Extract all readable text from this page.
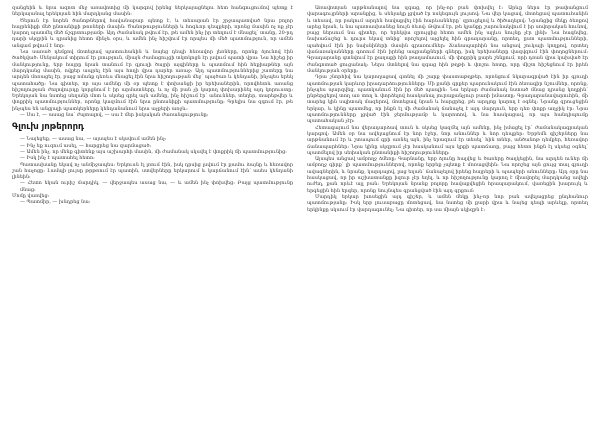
զանցեին և նրա ազոտ մեջ առավոտից մի կարգով իրենց ներկայացնելու հետ հանգուցումով պետք է ներկայանալ երեկոյան հին մարդկանց մասին:

Ծերուն էր նորեն ծանոթներով հավանաբար պետք է, և տեսարան էր շրջապատված նրա բոլոր հայրենիքի մեծ ընտանիքի թոռների մասին: Ծանոթությունների և հոգևոր դեպքերի, որոնց մասին ոչ ոք չէր կարող պատմել մեծ ճշգրտությամբ: Այդ ժամանակ թվում էր, թե ամեն ինչ իր տեղում է մնացել՝ տանը, 20-րդ դարի սկզբին և դրանից հետո մինչև օրս, և ամեն ինչ հիշվում էր որպես մի մեծ պատմություն, որ ամեն անգամ թվում է նոր:

Նա սառած դեմքով մոտեցավ պատուհանին և նայեց դեպի հեռավոր լեռները, որոնք ձյունով էին ծածկված: Սենյակում տիրում էր լռություն, միայն ժամացույցի տկտկոցն էր լսվում պատի վրա: Նա հիշեց իր մանկությունը, երբ հայրը նրան տանում էր գյուղի ծայրի այգիները և պատմում հին հեքիաթներ այն մարդկանց մասին, ովքեր ապրել էին այս հողի վրա դարեր առաջ: Այդ պատմություններից շատերը նա արդեն մոռացել էր, բայց ոմանք դեռևս մնացել էին նրա հիշողության մեջ՝ պայծառ և կենդանի, ինչպես երեկ պատահածը: Նա գիտեր, որ այս ամենը մի օր պետք է փոխանցի իր երեխաներին, որովհետև առանց հիշողության ժողովուրդը կորցնում է իր արմատները, և ոչ մի բան չի կարող փոխարինել այդ կորուստը: Երեկոյան նա նստեց սեղանի մոտ և սկսեց գրել այն ամենը, ինչ հիշում էր՝ անուններ, տեղեր, տարեթվեր և փոքրիկ պատմություններ, որոնք կազմում էին նրա ընտանիքի պատմությունը: Գրելիս նա զգում էր, թե ինչպես են անցյալի պատկերները կենդանանում նրա աչքերի առջև:

— Սա է, — ասաց նա՝ ժպտալով, — սա է մեր իսկական ժառանգությունը:

Գլուխ յոթերորդ

— Նայեցեք, — ասաց նա, — այսպես է սկսվում ամեն ինչ:

— Ինչ եք ուզում ասել, — հարցրեց նա զարմացած:

— Ամեն ինչ, որ մենք գիտենք այս աշխարհի մասին, մի ժամանակ սկսվել է փոքրիկ մի պատմությունից:

— Իսկ ինչ է պատահել հետո:

Պատասխանը եկավ ոչ անմիջապես: Երկուսն էլ լռում էին, իսկ դրսից լսվում էր քամու ձայնը և հեռավոր շան հաչոցը: Լամպի լույսը թրթռում էր պատին, ստվերները երկարում և կարճանում էին՝ ասես կենդանի լինեին:

— Հետո եկան ուրիշ մարդիկ, — վերջապես ասաց նա, — և ամեն ինչ փոխվեց: Բայց պատմությունը մնաց:

Մոմը վառվեց:

— Պատմիր, — խնդրեց նա:

Առավոտյան արթնանալով նա զգաց, որ ինչ-որ բան փոխվել է: Արևը ներս էր թափանցում վարագույրների արանքից, և սենյակը լցված էր ոսկեգույն լույսով: Նա վեր կացավ, մոտեցավ պատուհանին և տեսավ, որ բակում արդեն հավաքվել էին հարևանները՝ զրուցելով և ծիծաղելով: Նրանցից մեկը ձեռքով արեց նրան, և նա պատասխանեց նույն ձևով: Թվում էր, թե կյանքը շարունակվում է իր սովորական հունով, բայց ներսում նա գիտեր, որ երեկվա զրույցից հետո ամեն ինչ այլևս նույնը չէր լինի: Նա հագնվեց, նախաճաշեց և դուրս եկավ տնից՝ որոշելով այցելել հին գրադարանը, որտեղ, ըստ պատմությունների, պահվում էին իր նախնիների մասին գրառումներ: Ճանապարհին նա անցավ շուկայի կողքով, որտեղ վաճառականները գոռում էին իրենց ապրանքների գները, իսկ երեխաները վազվզում էին փողոցներում: Գրադարանը գտնվում էր քաղաքի հին թաղամասում, մի փոքրիկ քարե շենքում, որի դռան վրա կախված էր ժանգոտած ցուցանակ: Ներս մտնելով նա զգաց հին թղթի և փոշու հոտը, որը միշտ հիշեցնում էր իրեն մանկության օրերը:

Դրա շնորհիվ նա կարողացավ գտնել մի շարք փաստաթղթեր, որոնցում նկարագրված էին իր գյուղի պատմության կարևոր իրադարձությունները: Մի քանի գրքեր պարունակում էին ձեռագիր նշումներ, որոնք, ինչպես պարզվեց, պատկանում էին իր մեծ պապին: Նա երկար ժամանակ նստած մնաց դրանց կողքին՝ ընթերցելով տող առ տող և փորձելով հասկանալ յուրաքանչյուր բառի իմաստը: Գրադարանավարուհին, մի տարեց կին սպիտակ մազերով, մոտեցավ նրան և հարցրեց, թե արդյոք կարող է օգնել: Նրանք զրուցեցին երկար, և կինը պատմեց, որ ինքն էլ մի ժամանակ ճանաչել է այդ մարդուն, երբ դեռ փոքր աղջիկ էր: Նրա պատմությունները լցված էին ջերմությամբ և կարոտով, և նա հասկացավ, որ այս հանդիպումը պատահական չէր:

Հետագայում նա վերադարձավ տուն և սկսեց կազմել այն ամենը, ինչ իմացել էր՝ ժամանակագրական կարգով: Ամեն օր նա ավելացնում էր նոր էջեր, նոր անուններ և նոր դեպքեր: Երբեմն գիշերները նա արթնանում էր և շտապում գրի առնել այն, ինչ երազում էր տեսել՝ հին տներ, անծանոթ դեմքեր, հեռավոր ճանապարհներ: Նրա կինը սկզբում չէր հասկանում այս կրքի պատճառը, բայց հետո ինքն էլ սկսեց օգնել՝ պատմելով իր սեփական ընտանիքի հիշողությունները:

Այսպես անցավ ամբողջ ձմեռը: Գարնանը, երբ ձյունը հալվեց և ծառերը ծաղկեցին, նա արդեն ուներ մի ամբողջ գիրք՝ լի պատմություններով, որոնք երբեք չպետք է մոռացվեին: Նա որոշեց այն ցույց տալ գյուղի ավագներին, և նրանք, կարդալով, լաց եղան՝ ճանաչելով իրենց հայրերի և պապերի անունները: Այդ օրը նա հասկացավ, որ իր աշխատանքը իզուր չէր եղել, և որ հիշողությունը կարող է միավորել մարդկանց ավելի ուժեղ, քան որևէ այլ բան: Երեկոյան նրանք բոլորը հավաքվեցին հրապարակում, վառեցին խարույկ և երգեցին հին երգեր, որոնք նույնպես գրանցված էին այդ գրքում:

Մարդիկ երկար խոսեցին այդ գիշեր, և ամեն մեկը ինչ-որ նոր բան ավելացրեց ընդհանուր պատմությանը: Իսկ երբ լուսաբացը մոտեցավ, նա նստեց մի քարի վրա և նայեց դեպի արևելք, որտեղ երկինքը սկսում էր վարդագունել: Նա գիտեր, որ սա միայն սկիզբն է:
